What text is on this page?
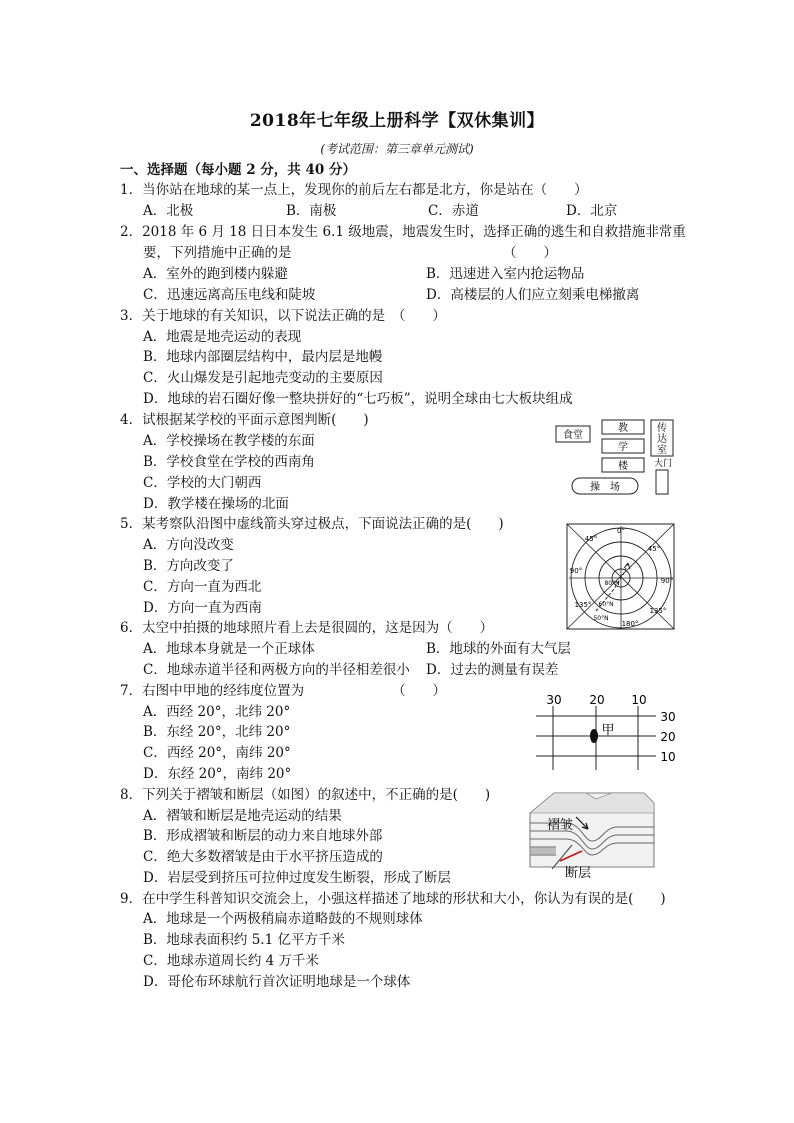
2018年七年级上册科学【双休集训】
(考试范围：第三章单元测试)
一、选择题（每小题 2 分，共 40 分）
1．当你站在地球的某一点上，发现你的前后左右都是北方，你是站在（　　）
A．北极	B．南极	C．赤道	D．北京
2．2018 年 6 月 18 日日本发生 6.1 级地震，地震发生时，选择正确的逃生和自救措施非常重
要，下列措施中正确的是	（　　）
A．室外的跑到楼内躲避	B．迅速进入室内抢运物品
C．迅速远离高压电线和陡坡	D．高楼层的人们应立刻乘电梯撤离
3．关于地球的有关知识，以下说法正确的是　（　　）
A．地震是地壳运动的表现
B．地球内部圈层结构中，最内层是地幔
C．火山爆发是引起地壳变动的主要原因
D．地球的岩石圈好像一整块拼好的“七巧板”，说明全球由七大板块组成
4．试根据某学校的平面示意图判断(　　)
A．学校操场在教学楼的东面
B．学校食堂在学校的西南角
C．学校的大门朝西
D．教学楼在操场的北面
食堂
教
学
楼
传
达
室
大门
操　场
5．某考察队沿图中虚线箭头穿过极点，下面说法正确的是(　　)
A．方向没改变
B．方向改变了
C．方向一直为西北
D．方向一直为西南
0°
45°
45°
90°
90°
135°
135°
180°
80°N
60°N
50°N
6．太空中拍摄的地球照片看上去是很圆的，这是因为（　　）
A．地球本身就是一个正球体	B．地球的外面有大气层
C．地球赤道半径和两极方向的半径相差很小 D．过去的测量有误差
7．右图中甲地的经纬度位置为	（　　）
A．西经 20°，北纬 20°
B．东经 20°，北纬 20°
C．西经 20°，南纬 20°
D．东经 20°，南纬 20°
30 20 10
30
20
10
甲
8．下列关于褶皱和断层（如图）的叙述中，不正确的是(　　)
A．褶皱和断层是地壳运动的结果
B．形成褶皱和断层的动力来自地球外部
C．绝大多数褶皱是由于水平挤压造成的
D．岩层受到挤压可拉伸过度发生断裂，形成了断层
褶皱
断层
9．在中学生科普知识交流会上，小强这样描述了地球的形状和大小，你认为有误的是(　　)
A．地球是一个两极稍扁赤道略鼓的不规则球体
B．地球表面积约 5.1 亿平方千米
C．地球赤道周长约 4 万千米
D．哥伦布环球航行首次证明地球是一个球体
